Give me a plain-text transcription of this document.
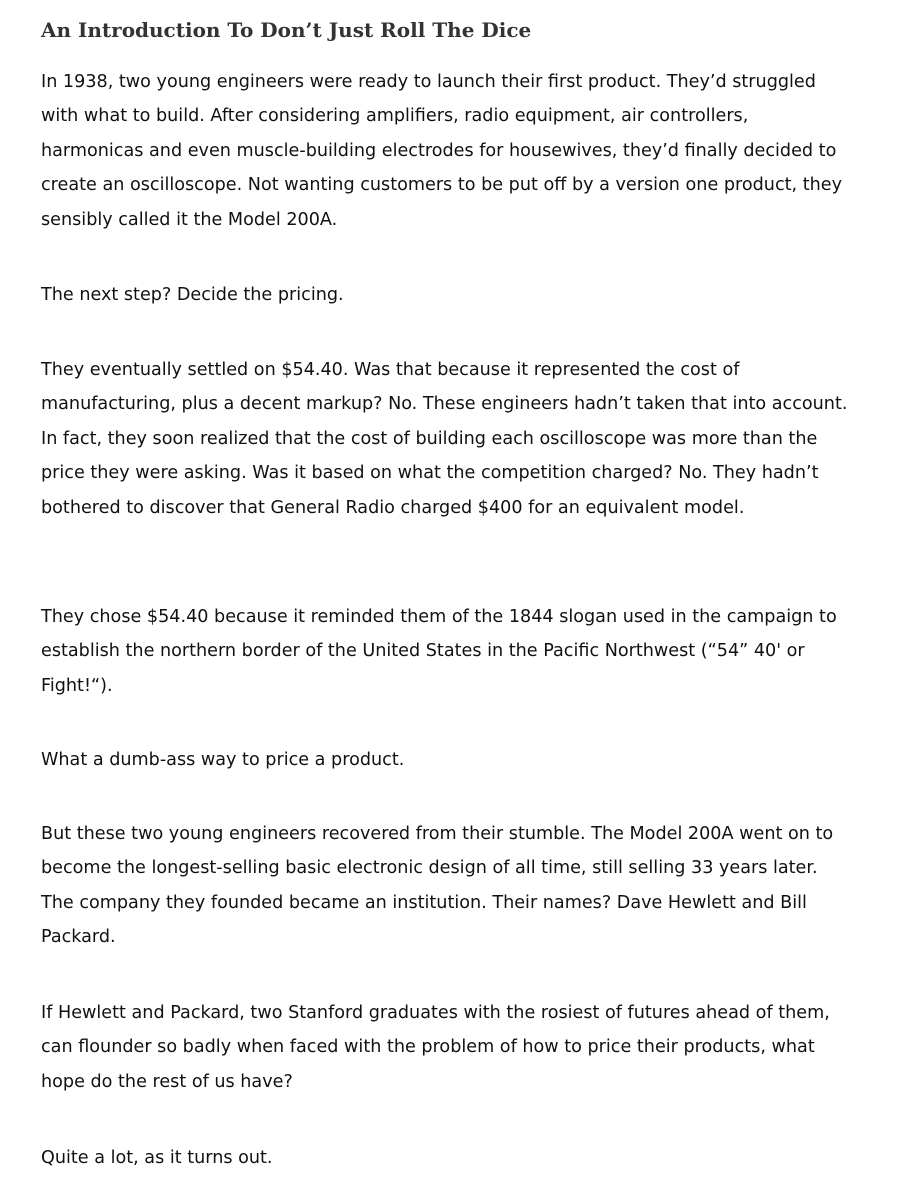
An Introduction To Don’t Just Roll The Dice

In 1938, two young engineers were ready to launch their first product. They’d struggled with what to build. After considering amplifiers, radio equipment, air controllers, harmonicas and even muscle-building electrodes for housewives, they’d finally decided to create an oscilloscope. Not wanting customers to be put off by a version one product, they sensibly called it the Model 200A.

The next step? Decide the pricing.

They eventually settled on $54.40. Was that because it represented the cost of manufacturing, plus a decent markup? No. These engineers hadn’t taken that into account. In fact, they soon realized that the cost of building each oscilloscope was more than the price they were asking. Was it based on what the competition charged? No. They hadn’t bothered to discover that General Radio charged $400 for an equivalent model.

They chose $54.40 because it reminded them of the 1844 slogan used in the campaign to establish the northern border of the United States in the Pacific Northwest (“54” 40' or Fight!“).

What a dumb-ass way to price a product.

But these two young engineers recovered from their stumble. The Model 200A went on to become the longest-selling basic electronic design of all time, still selling 33 years later. The company they founded became an institution. Their names? Dave Hewlett and Bill Packard.

If Hewlett and Packard, two Stanford graduates with the rosiest of futures ahead of them, can flounder so badly when faced with the problem of how to price their products, what hope do the rest of us have?

Quite a lot, as it turns out.
